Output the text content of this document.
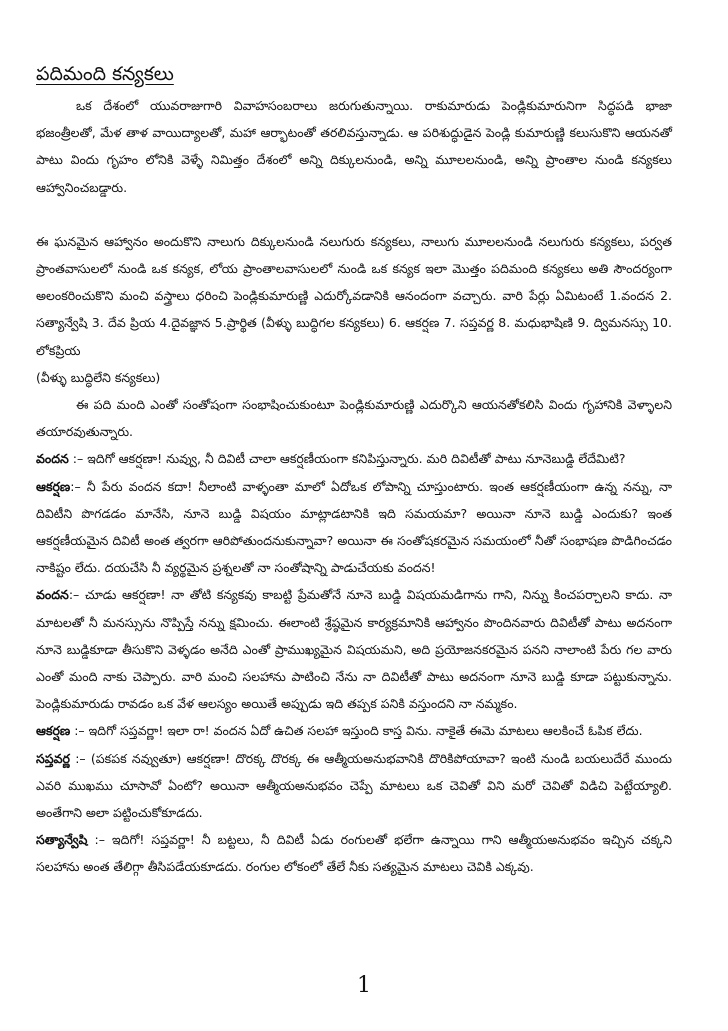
పదిమంది కన్యకలు

ఒక దేశంలో యువరాజుగారి వివాహసంబరాలు జరుగుతున్నాయి. రాకుమారుడు పెండ్లికుమారునిగా సిద్ధపడి భాజా భజంత్రీలతో, మేళ తాళ వాయిద్యాలతో, మహా ఆర్భాటంతో తరలివస్తున్నాడు. ఆ పరిశుద్ధుడైన పెండ్లి కుమారుణ్ణి కలుసుకొని ఆయనతో పాటు విందు గృహం లోనికి వెళ్ళే నిమిత్తం దేశంలో అన్ని దిక్కులనుండి, అన్ని మూలలనుండి, అన్ని ప్రాంతాల నుండి కన్యకలు ఆహ్వానించబడ్డారు.

ఈ ఘనమైన ఆహ్వానం అందుకొని నాలుగు దిక్కులనుండి నలుగురు కన్యకలు, నాలుగు మూలలనుండి నలుగురు కన్యకలు, పర్వత ప్రాంతవాసులలో నుండి ఒక కన్యక, లోయ ప్రాంతాలవాసులలో నుండి ఒక కన్యక ఇలా మొత్తం పదిమంది కన్యకలు అతి సౌందర్యంగా అలంకరించుకొని మంచి వస్త్రాలు ధరించి పెండ్లికుమారుణ్ణి ఎదుర్కోవడానికి ఆనందంగా వచ్చారు. వారి పేర్లు ఏమిటంటే 1.వందన 2. సత్యాన్వేషి 3. దేవ ప్రియ 4.దైవజ్ఞాన 5.ప్రార్థిత (వీళ్ళు బుద్ధిగల కన్యకలు) 6. ఆకర్షణ 7. సప్తవర్ణ 8. మధుభాషిణి 9. ద్విమనస్సు 10. లోకప్రియ

(వీళ్ళు బుద్ధిలేని కన్యకలు)

ఈ పది మంది ఎంతో సంతోషంగా సంభాషించుకుంటూ పెండ్లికుమారుణ్ణి ఎదుర్కొని ఆయనతోకలిసి విందు గృహానికి వెళ్ళాలని తయారవుతున్నారు.

వందన :– ఇదిగో ఆకర్షణా! నువ్వు, నీ దివిటీ చాలా ఆకర్షణీయంగా కనిపిస్తున్నారు. మరి దివిటీతో పాటు నూనెబుడ్డి లేదేమిటి?

ఆకర్షణ:– నీ పేరు వందన కదా! నీలాంటి వాళ్ళంతా మాలో ఏదోఒక లోపాన్ని చూస్తుంటారు. ఇంత ఆకర్షణీయంగా ఉన్న నన్ను, నా దివిటీని పొగడడం మానేసి, నూనె బుడ్డి విషయం మాట్లాడటానికి ఇది సమయమా? అయినా నూనె బుడ్డి ఎందుకు? ఇంత ఆకర్షణీయమైన దివిటీ అంత త్వరగా ఆరిపోతుందనుకున్నావా? అయినా ఈ సంతోషకరమైన సమయంలో నీతో సంభాషణ పొడిగించడం నాకిష్టం లేదు. దయచేసి నీ వ్యర్థమైన ప్రశ్నలతో నా సంతోషాన్ని పాడుచేయకు వందన!

వందన:– చూడు ఆకర్షణా! నా తోటి కన్యకవు కాబట్టి ప్రేమతోనే నూనె బుడ్డి విషయమడిగాను గాని, నిన్ను కించపర్చాలని కాదు. నా మాటలతో నీ మనస్సును నొప్పిస్తే నన్ను క్షమించు. ఈలాంటి శ్రేష్ఠమైన కార్యక్రమానికి ఆహ్వానం పొందినవారు దివిటీతో పాటు అదనంగా నూనె బుడ్డికూడా తీసుకొని వెళ్ళడం అనేది ఎంతో ప్రాముఖ్యమైన విషయమని, అది ప్రయోజనకరమైన పనని నాలాంటి పేరు గల వారు ఎంతో మంది నాకు చెప్పారు. వారి మంచి సలహాను పాటించి నేను నా దివిటీతో పాటు అదనంగా నూనె బుడ్డి కూడా పట్టుకున్నాను. పెండ్లికుమారుడు రావడం ఒక వేళ ఆలస్యం అయితే అప్పుడు ఇది తప్పక పనికి వస్తుందని నా నమ్మకం.

ఆకర్షణ :– ఇదిగో సప్తవర్ణా! ఇలా రా! వందన ఏదో ఉచిత సలహా ఇస్తుంది కాస్త విను. నాకైతే ఈమె మాటలు ఆలకించే ఓపిక లేదు.

సప్తవర్ణ :– (పకపక నవ్వుతూ) ఆకర్షణా! దొరక్క దొరక్క ఈ ఆత్మీయఅనుభవానికి దొరికిపోయావా? ఇంటి నుండి బయలుదేరే ముందు ఎవరి ముఖము చూసావో ఏంటో? అయినా ఆత్మీయఅనుభవం చెప్పే మాటలు ఒక చెవితో విని మరో చెవితో విడిచి పెట్టేయ్యాలి. అంతేగాని అలా పట్టించుకోకూడదు.

సత్యాన్వేషి :– ఇదిగో! సప్తవర్ణా! నీ బట్టలు, నీ దివిటీ ఏడు రంగులతో భలేగా ఉన్నాయి గాని ఆత్మీయఅనుభవం ఇచ్చిన చక్కని సలహాను అంత తేలిగ్గా తీసిపడేయకూడదు. రంగుల లోకంలో తేలే నీకు సత్యమైన మాటలు చెవికి ఎక్కవు.

1
